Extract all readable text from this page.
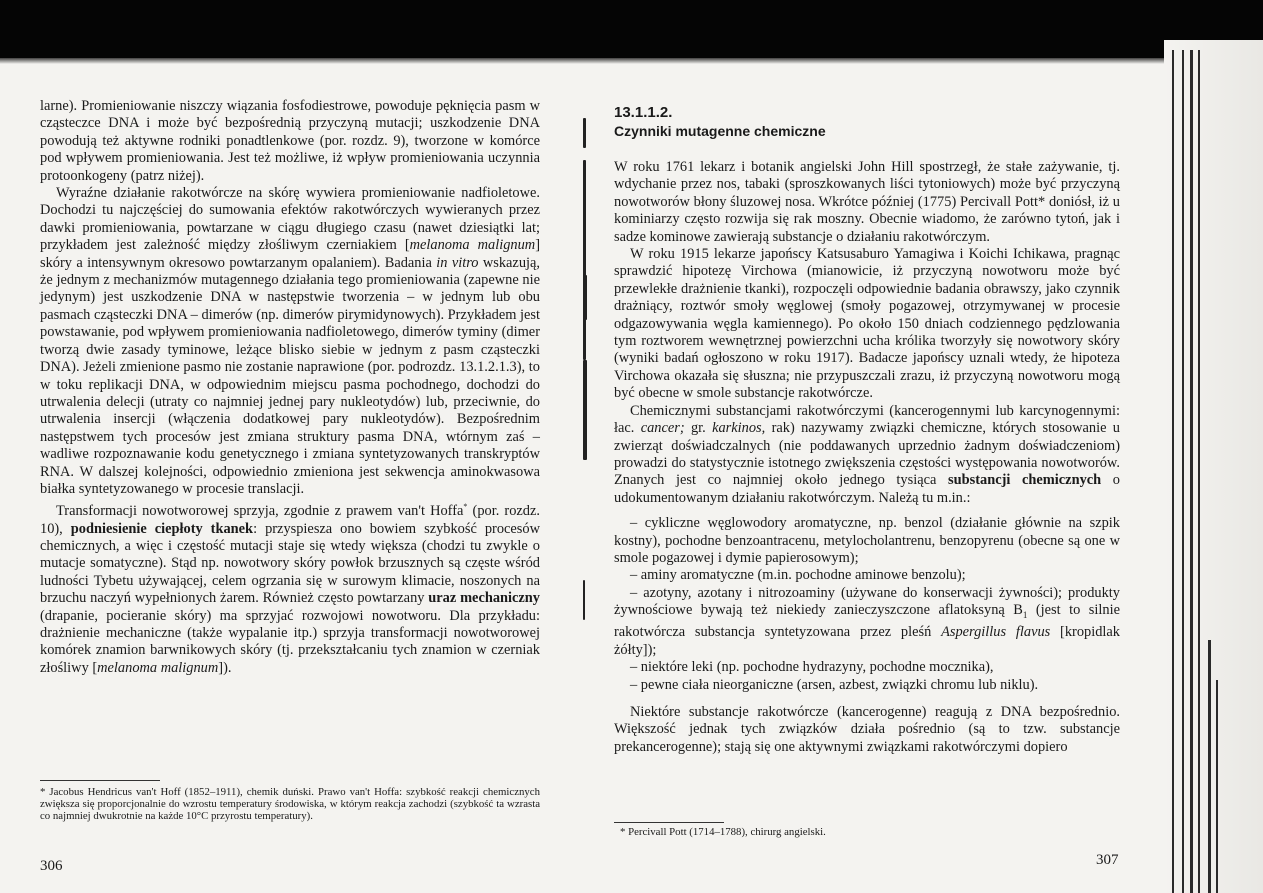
larne). Promieniowanie niszczy wiązania fosfodiestrowe, powoduje pęknięcia pasm w cząsteczce DNA i może być bezpośrednią przyczyną mutacji; uszkodzenie DNA powodują też aktywne rodniki ponadtlenkowe (por. rozdz. 9), tworzone w komórce pod wpływem promieniowania. Jest też możliwe, iż wpływ promieniowania uczynnia protoonkogeny (patrz niżej).

Wyraźne działanie rakotwórcze na skórę wywiera promieniowanie nadfioletowe. Dochodzi tu najczęściej do sumowania efektów rakotwórczych wywieranych przez dawki promieniowania, powtarzane w ciągu długiego czasu (nawet dziesiątki lat; przykładem jest zależność między złośliwym czerniakiem [melanoma malignum] skóry a intensywnym okresowo powtarzanym opalaniem). Badania in vitro wskazują, że jednym z mechanizmów mutagennego działania tego promieniowania (zapewne nie jedynym) jest uszkodzenie DNA w następstwie tworzenia – w jednym lub obu pasmach cząsteczki DNA – dimerów (np. dimerów pirymidynowych). Przykładem jest powstawanie, pod wpływem promieniowania nadfioletowego, dimerów tyminy (dimer tworzą dwie zasady tyminowe, leżące blisko siebie w jednym z pasm cząsteczki DNA). Jeżeli zmienione pasmo nie zostanie naprawione (por. podrozdz. 13.1.2.1.3), to w toku replikacji DNA, w odpowiednim miejscu pasma pochodnego, dochodzi do utrwalenia delecji (utraty co najmniej jednej pary nukleotydów) lub, przeciwnie, do utrwalenia insercji (włączenia dodatkowej pary nukleotydów). Bezpośrednim następstwem tych procesów jest zmiana struktury pasma DNA, wtórnym zaś – wadliwe rozpoznawanie kodu genetycznego i zmiana syntetyzowanych transkryptów RNA. W dalszej kolejności, odpowiednio zmieniona jest sekwencja aminokwasowa białka syntetyzowanego w procesie translacji.

Transformacji nowotworowej sprzyja, zgodnie z prawem van't Hoffa* (por. rozdz. 10), podniesienie ciepłoty tkanek: przyspiesza ono bowiem szybkość procesów chemicznych, a więc i częstość mutacji staje się wtedy większa (chodzi tu zwykle o mutacje somatyczne). Stąd np. nowotwory skóry powłok brzusznych są częste wśród ludności Tybetu używającej, celem ogrzania się w surowym klimacie, noszonych na brzuchu naczyń wypełnionych żarem. Również często powtarzany uraz mechaniczny (drapanie, pocieranie skóry) ma sprzyjać rozwojowi nowotworu. Dla przykładu: drażnienie mechaniczne (także wypalanie itp.) sprzyja transformacji nowotworowej komórek znamion barwnikowych skóry (tj. przekształcaniu tych znamion w czerniak złośliwy [melanoma malignum]).

* Jacobus Hendricus van't Hoff (1852–1911), chemik duński. Prawo van't Hoffa: szybkość reakcji chemicznych zwiększa się proporcjonalnie do wzrostu temperatury środowiska, w którym reakcja zachodzi (szybkość ta wzrasta co najmniej dwukrotnie na każde 10°C przyrostu temperatury).
306
13.1.1.2.
Czynniki mutagenne chemiczne

W roku 1761 lekarz i botanik angielski John Hill spostrzegł, że stałe zażywanie, tj. wdychanie przez nos, tabaki (sproszkowanych liści tytoniowych) może być przyczyną nowotworów błony śluzowej nosa. Wkrótce później (1775) Percivall Pott* doniósł, iż u kominiarzy często rozwija się rak moszny. Obecnie wiadomo, że zarówno tytoń, jak i sadze kominowe zawierają substancje o działaniu rakotwórczym.

W roku 1915 lekarze japońscy Katsusaburo Yamagiwa i Koichi Ichikawa, pragnąc sprawdzić hipotezę Virchowa (mianowicie, iż przyczyną nowotworu może być przewlekłe drażnienie tkanki), rozpoczęli odpowiednie badania obrawszy, jako czynnik drażniący, roztwór smoły węglowej (smoły pogazowej, otrzymywanej w procesie odgazowywania węgla kamiennego). Po około 150 dniach codziennego pędzlowania tym roztworem wewnętrznej powierzchni ucha królika tworzyły się nowotwory skóry (wyniki badań ogłoszono w roku 1917). Badacze japońscy uznali wtedy, że hipoteza Virchowa okazała się słuszna; nie przypuszczali zrazu, iż przyczyną nowotworu mogą być obecne w smole substancje rakotwórcze.

Chemicznymi substancjami rakotwórczymi (kancerogennymi lub karcynogennymi: łac. cancer; gr. karkinos, rak) nazywamy związki chemiczne, których stosowanie u zwierząt doświadczalnych (nie poddawanych uprzednio żadnym doświadczeniom) prowadzi do statystycznie istotnego zwiększenia częstości występowania nowotworów. Znanych jest co najmniej około jednego tysiąca substancji chemicznych o udokumentowanym działaniu rakotwórczym. Należą tu m.in.:

– cykliczne węglowodory aromatyczne, np. benzol (działanie głównie na szpik kostny), pochodne benzoantracenu, metylocholantrenu, benzopyrenu (obecne są one w smole pogazowej i dymie papierosowym);

– aminy aromatyczne (m.in. pochodne aminowe benzolu);

– azotyny, azotany i nitrozoaminy (używane do konserwacji żywności); produkty żywnościowe bywają też niekiedy zanieczyszczone aflatoksyną $B_1$ (jest to silnie rakotwórcza substancja syntetyzowana przez pleśń Aspergillus flavus [kropidlak żółty]);

– niektóre leki (np. pochodne hydrazyny, pochodne mocznika),

– pewne ciała nieorganiczne (arsen, azbest, związki chromu lub niklu).

Niektóre substancje rakotwórcze (kancerogenne) reagują z DNA bezpośrednio. Większość jednak tych związków działa pośrednio (są to tzw. substancje prekancerogenne); stają się one aktywnymi związkami rakotwórczymi dopiero

* Percivall Pott (1714–1788), chirurg angielski.
307
